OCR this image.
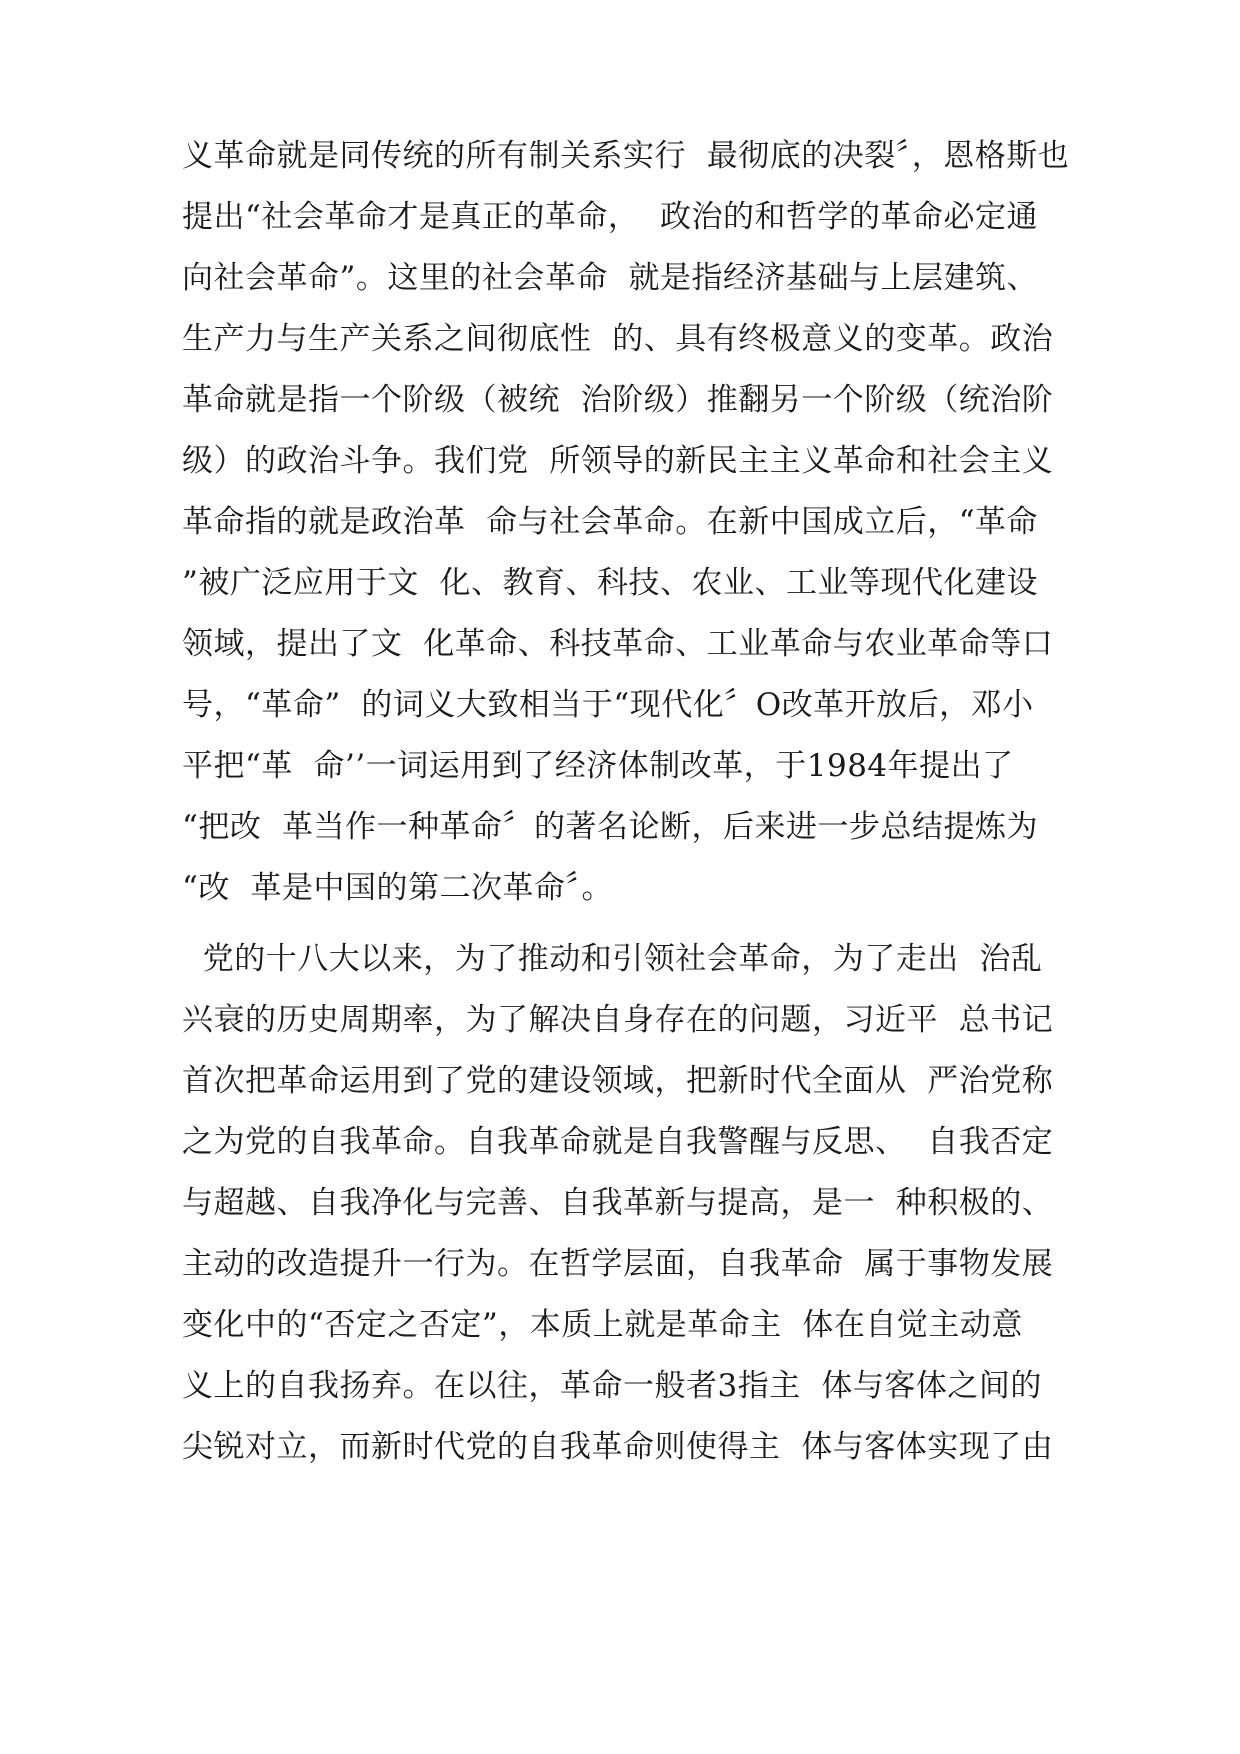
义革命就是同传统的所有制关系实行  最彻底的决裂〞，恩格斯也
提出“社会革命才是真正的革命，  政治的和哲学的革命必定通
向社会革命”。这里的社会革命  就是指经济基础与上层建筑、
生产力与生产关系之间彻底性  的、具有终极意义的变革。政治
革命就是指一个阶级（被统  治阶级）推翻另一个阶级（统治阶
级）的政治斗争。我们党  所领导的新民主主义革命和社会主义
革命指的就是政治革  命与社会革命。在新中国成立后，“革命
”被广泛应用于文  化、教育、科技、农业、工业等现代化建设
领域，提出了文  化革命、科技革命、工业革命与农业革命等口
号，“革命”  的词义大致相当于“现代化〞O改革开放后，邓小
平把“革  命’’一词运用到了经济体制改革，于1984年提出了
“把改  革当作一种革命〞的著名论断，后来进一步总结提炼为
“改  革是中国的第二次革命〞。
党的十八大以来，为了推动和引领社会革命，为了走出  治乱
兴衰的历史周期率，为了解决自身存在的问题，习近平  总书记
首次把革命运用到了党的建设领域，把新时代全面从  严治党称
之为党的自我革命。自我革命就是自我警醒与反思、  自我否定
与超越、自我净化与完善、自我革新与提高，是一  种积极的、
主动的改造提升一行为。在哲学层面，自我革命  属于事物发展
变化中的“否定之否定”，本质上就是革命主  体在自觉主动意
义上的自我扬弃。在以往，革命一般者3指主  体与客体之间的
尖锐对立，而新时代党的自我革命则使得主  体与客体实现了由
